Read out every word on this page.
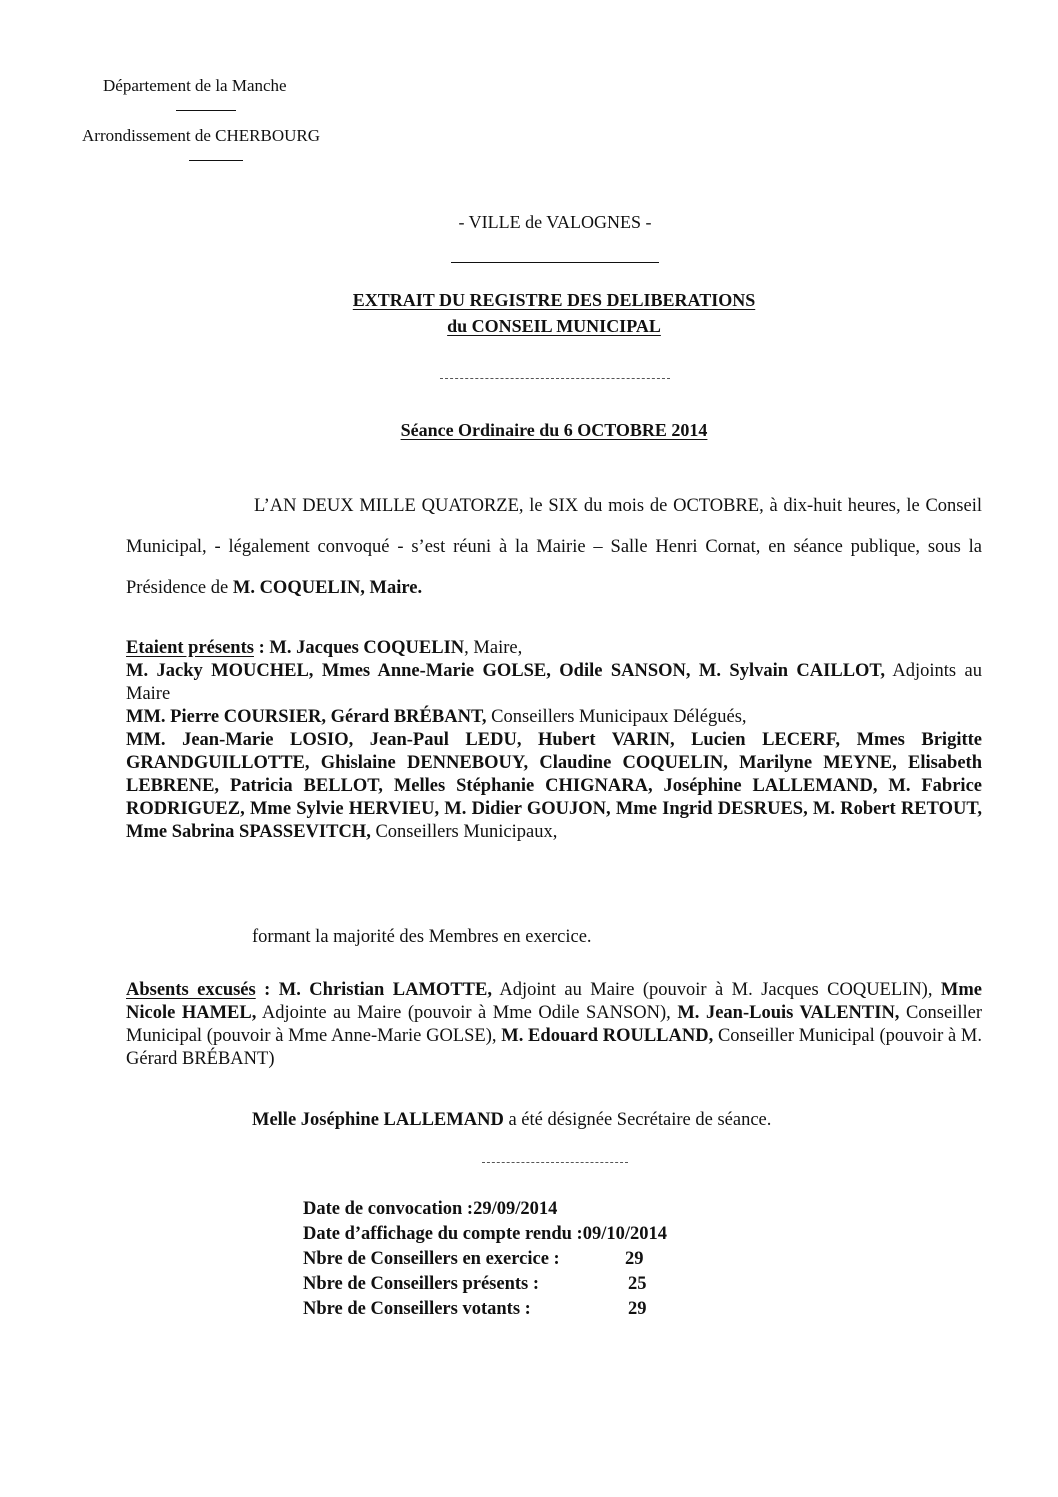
Département de la Manche
Arrondissement de CHERBOURG
- VILLE de VALOGNES -
EXTRAIT DU REGISTRE DES DELIBERATIONS
du CONSEIL MUNICIPAL
Séance Ordinaire du 6 OCTOBRE 2014
L’AN DEUX MILLE QUATORZE, le SIX du mois de OCTOBRE, à dix-huit heures, le Conseil Municipal, - légalement convoqué - s’est réuni à la Mairie – Salle Henri Cornat, en séance publique, sous la Présidence de M. COQUELIN, Maire.
Etaient présents : M. Jacques COQUELIN, Maire,
M. Jacky MOUCHEL, Mmes Anne-Marie GOLSE, Odile SANSON, M. Sylvain CAILLOT, Adjoints au Maire
MM. Pierre COURSIER, Gérard BRÉBANT, Conseillers Municipaux Délégués,
MM. Jean-Marie LOSIO, Jean-Paul LEDU, Hubert VARIN, Lucien LECERF, Mmes Brigitte GRANDGUILLOTTE, Ghislaine DENNEBOUY, Claudine COQUELIN, Marilyne MEYNE, Elisabeth LEBRENE, Patricia BELLOT, Melles Stéphanie CHIGNARA, Joséphine LALLEMAND, M. Fabrice RODRIGUEZ, Mme Sylvie HERVIEU, M. Didier GOUJON, Mme Ingrid DESRUES, M. Robert RETOUT, Mme Sabrina SPASSEVITCH, Conseillers Municipaux,
formant la majorité des Membres en exercice.
Absents excusés : M. Christian LAMOTTE, Adjoint au Maire (pouvoir à M. Jacques COQUELIN), Mme Nicole HAMEL, Adjointe au Maire (pouvoir à Mme Odile SANSON), M. Jean-Louis VALENTIN, Conseiller Municipal (pouvoir à Mme Anne-Marie GOLSE), M. Edouard ROULLAND, Conseiller Municipal (pouvoir à M. Gérard BRÉBANT)
Melle Joséphine LALLEMAND a été désignée Secrétaire de séance.
Date de convocation : 29/09/2014
Date d’affichage du compte rendu : 09/10/2014
Nbre de Conseillers en exercice :	29
Nbre de Conseillers présents :	25
Nbre de Conseillers votants :	29
